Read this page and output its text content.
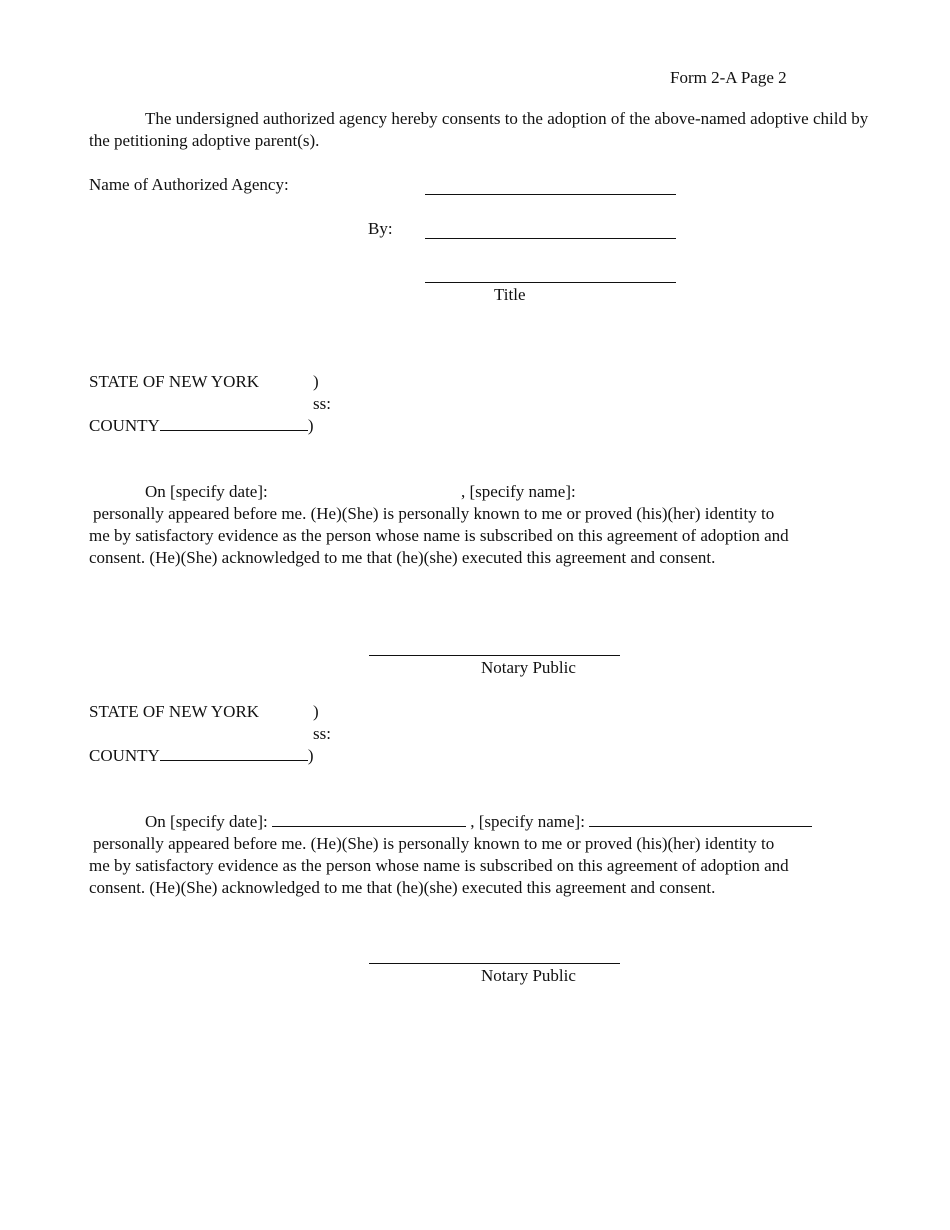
Form 2-A Page 2
The undersigned authorized agency hereby consents to the adoption of the above-named adoptive child by the petitioning adoptive parent(s).
Name of Authorized Agency:
By:
Title
STATE OF NEW YORK	)
ss:
COUNTY	)
On [specify date]:	, [specify name]:
personally appeared before me. (He)(She) is personally known to me or proved (his)(her) identity to
me by satisfactory evidence as the person whose name is subscribed on this agreement of adoption and
consent. (He)(She) acknowledged to me that (he)(she) executed this agreement and consent.
Notary Public
STATE OF NEW YORK	)
ss:
COUNTY	)
On [specify date]:	, [specify name]:
personally appeared before me. (He)(She) is personally known to me or proved (his)(her) identity to
me by satisfactory evidence as the person whose name is subscribed on this agreement of adoption and
consent. (He)(She) acknowledged to me that (he)(she) executed this agreement and consent.
Notary Public
